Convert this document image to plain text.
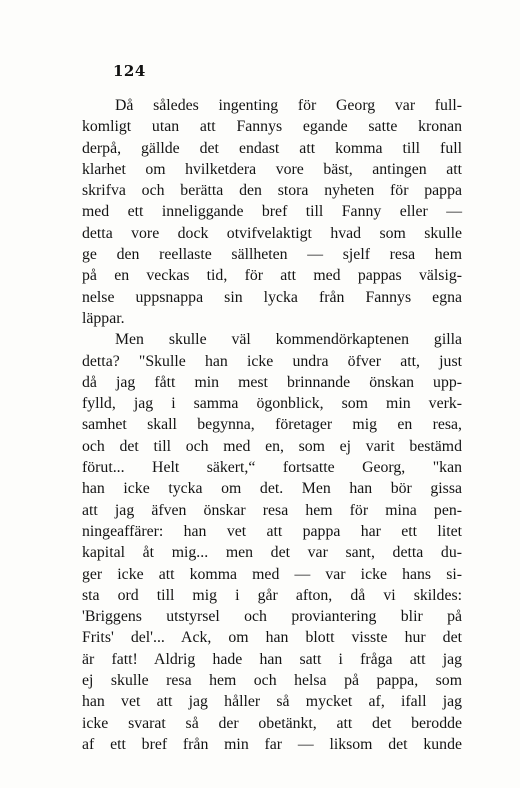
124
Då således ingenting för Georg var full-
komligt utan att Fannys egande satte kronan
derpå, gällde det endast att komma till full
klarhet om hvilketdera vore bäst, antingen att
skrifva och berätta den stora nyheten för pappa
med ett inneliggande bref till Fanny eller —
detta vore dock otvifvelaktigt hvad som skulle
ge den reellaste sällheten — sjelf resa hem
på en veckas tid, för att med pappas välsig-
nelse uppsnappa sin lycka från Fannys egna
läppar.
Men skulle väl kommendörkaptenen gilla
detta? "Skulle han icke undra öfver att, just
då jag fått min mest brinnande önskan upp-
fylld, jag i samma ögonblick, som min verk-
samhet skall begynna, företager mig en resa,
och det till och med en, som ej varit bestämd
förut... Helt säkert,“ fortsatte Georg, "kan
han icke tycka om det. Men han bör gissa
att jag äfven önskar resa hem för mina pen-
ningeaffärer: han vet att pappa har ett litet
kapital åt mig... men det var sant, detta du-
ger icke att komma med — var icke hans si-
sta ord till mig i går afton, då vi skildes:
'Briggens utstyrsel och proviantering blir på
Frits' del'... Ack, om han blott visste hur det
är fatt! Aldrig hade han satt i fråga att jag
ej skulle resa hem och helsa på pappa, som
han vet att jag håller så mycket af, ifall jag
icke svarat så der obetänkt, att det berodde
af ett bref från min far — liksom det kunde
